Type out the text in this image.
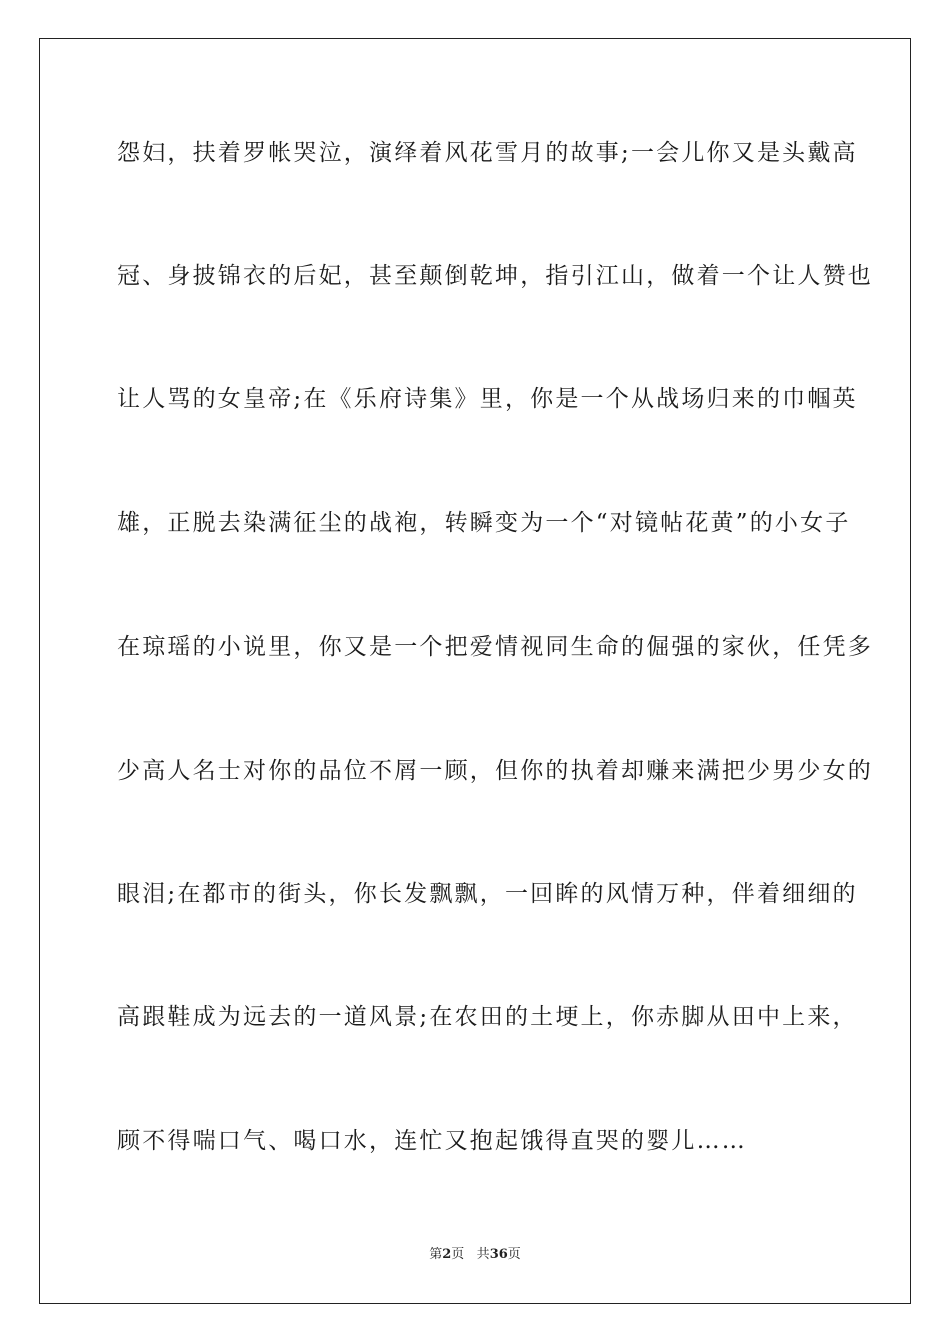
怨妇，扶着罗帐哭泣，演绎着风花雪月的故事;一会儿你又是头戴高
冠、身披锦衣的后妃，甚至颠倒乾坤，指引江山，做着一个让人赞也
让人骂的女皇帝;在《乐府诗集》里，你是一个从战场归来的巾帼英
雄，正脱去染满征尘的战袍，转瞬变为一个“对镜帖花黄”的小女子
在琼瑶的小说里，你又是一个把爱情视同生命的倔强的家伙，任凭多
少高人名士对你的品位不屑一顾，但你的执着却赚来满把少男少女的
眼泪;在都市的街头，你长发飘飘，一回眸的风情万种，伴着细细的
高跟鞋成为远去的一道风景;在农田的土埂上，你赤脚从田中上来，
顾不得喘口气、喝口水，连忙又抱起饿得直哭的婴儿……
第2页 共36页
